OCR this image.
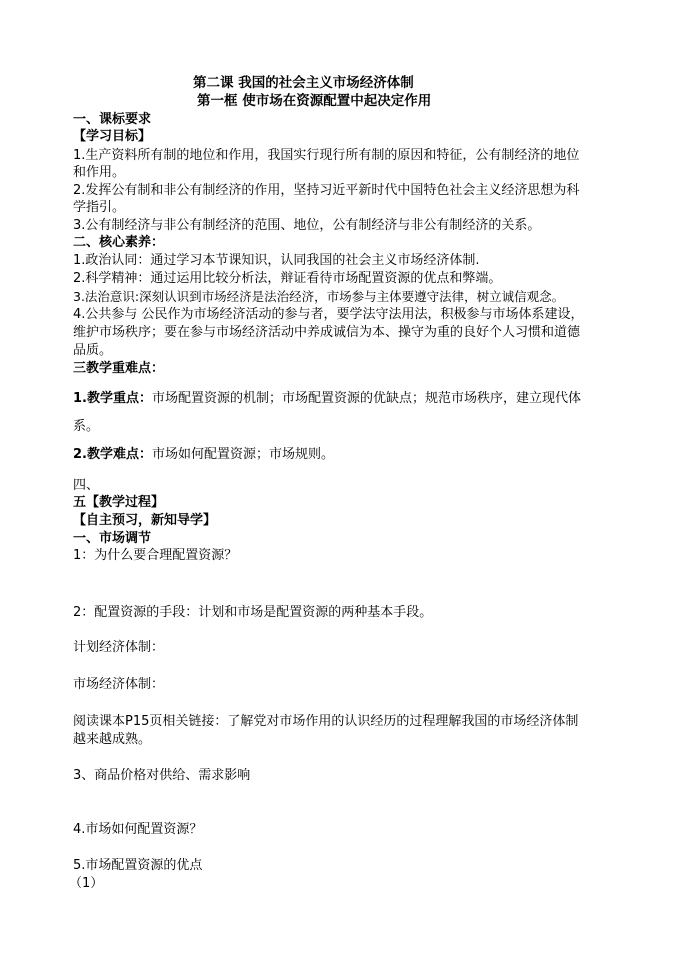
第二课 我国的社会主义市场经济体制
第一框 使市场在资源配置中起决定作用
一、课标要求
【学习目标】
1.生产资料所有制的地位和作用，我国实行现行所有制的原因和特征，公有制经济的地位
和作用。
2.发挥公有制和非公有制经济的作用，坚持习近平新时代中国特色社会主义经济思想为科
学指引。
3.公有制经济与非公有制经济的范围、地位，公有制经济与非公有制经济的关系。
二、核心素养：
1.政治认同：通过学习本节课知识，认同我国的社会主义市场经济体制.
2.科学精神：通过运用比较分析法，辩证看待市场配置资源的优点和弊端。
3.法治意识:深刻认识到市场经济是法治经济，市场参与主体要遵守法律，树立诚信观念。
4.公共参与 公民作为市场经济活动的参与者，要学法守法用法，积极参与市场体系建设，
维护市场秩序；要在参与市场经济活动中养成诚信为本、操守为重的良好个人习惯和道德
品质。
三教学重难点：
1.教学重点：市场配置资源的机制；市场配置资源的优缺点；规范市场秩序，建立现代体
系。
2.教学难点：市场如何配置资源；市场规则。
四、
五【教学过程】
【自主预习，新知导学】
一、市场调节
1：为什么要合理配置资源？
2：配置资源的手段：计划和市场是配置资源的两种基本手段。
计划经济体制：
市场经济体制：
阅读课本P15页相关链接：了解党对市场作用的认识经历的过程理解我国的市场经济体制
越来越成熟。
3、商品价格对供给、需求影响
4.市场如何配置资源？
5.市场配置资源的优点
（1）
